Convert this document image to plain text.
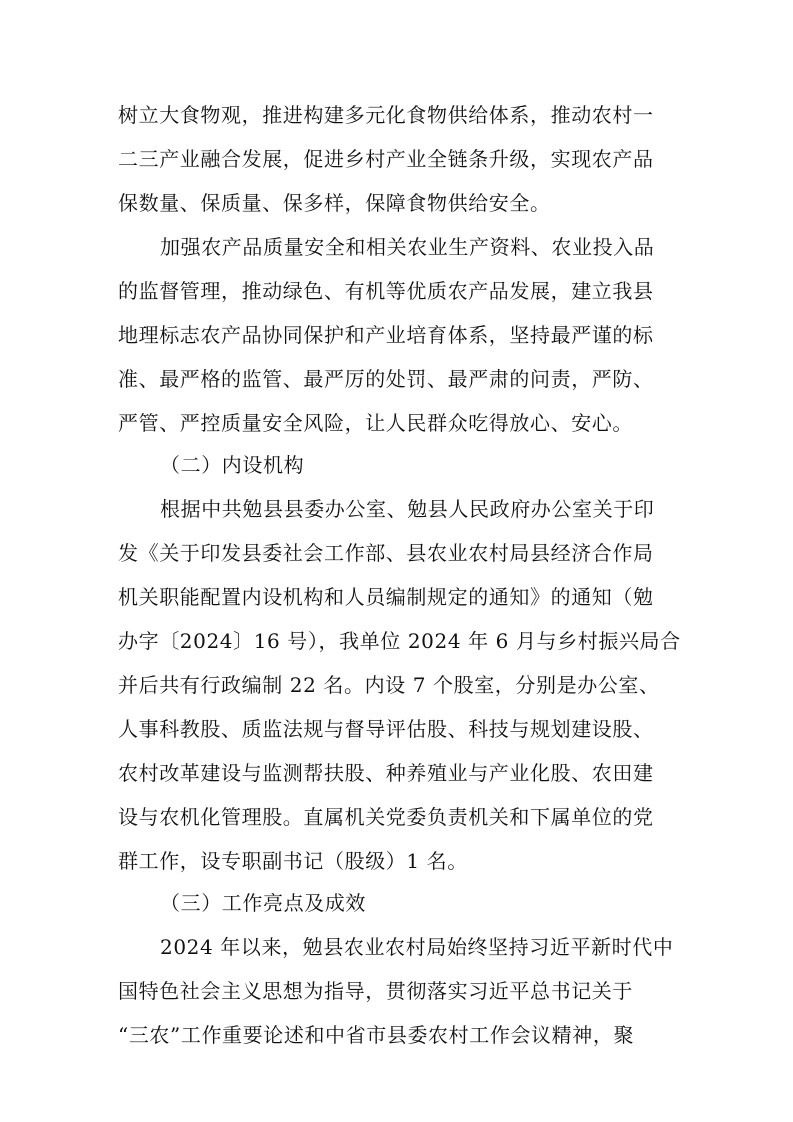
树立大食物观，推进构建多元化食物供给体系，推动农村一
二三产业融合发展，促进乡村产业全链条升级，实现农产品
保数量、保质量、保多样，保障食物供给安全。
加强农产品质量安全和相关农业生产资料、农业投入品
的监督管理，推动绿色、有机等优质农产品发展，建立我县
地理标志农产品协同保护和产业培育体系，坚持最严谨的标
准、最严格的监管、最严厉的处罚、最严肃的问责，严防、
严管、严控质量安全风险，让人民群众吃得放心、安心。
（二）内设机构
根据中共勉县县委办公室、勉县人民政府办公室关于印
发《关于印发县委社会工作部、县农业农村局县经济合作局
机关职能配置内设机构和人员编制规定的通知》的通知（勉
办字〔2024〕16 号），我单位 2024 年 6 月与乡村振兴局合
并后共有行政编制 22 名。内设 7 个股室，分别是办公室、
人事科教股、质监法规与督导评估股、科技与规划建设股、
农村改革建设与监测帮扶股、种养殖业与产业化股、农田建
设与农机化管理股。直属机关党委负责机关和下属单位的党
群工作，设专职副书记（股级）1 名。
（三）工作亮点及成效
2024 年以来，勉县农业农村局始终坚持习近平新时代中
国特色社会主义思想为指导，贯彻落实习近平总书记关于
“三农”工作重要论述和中省市县委农村工作会议精神，聚
